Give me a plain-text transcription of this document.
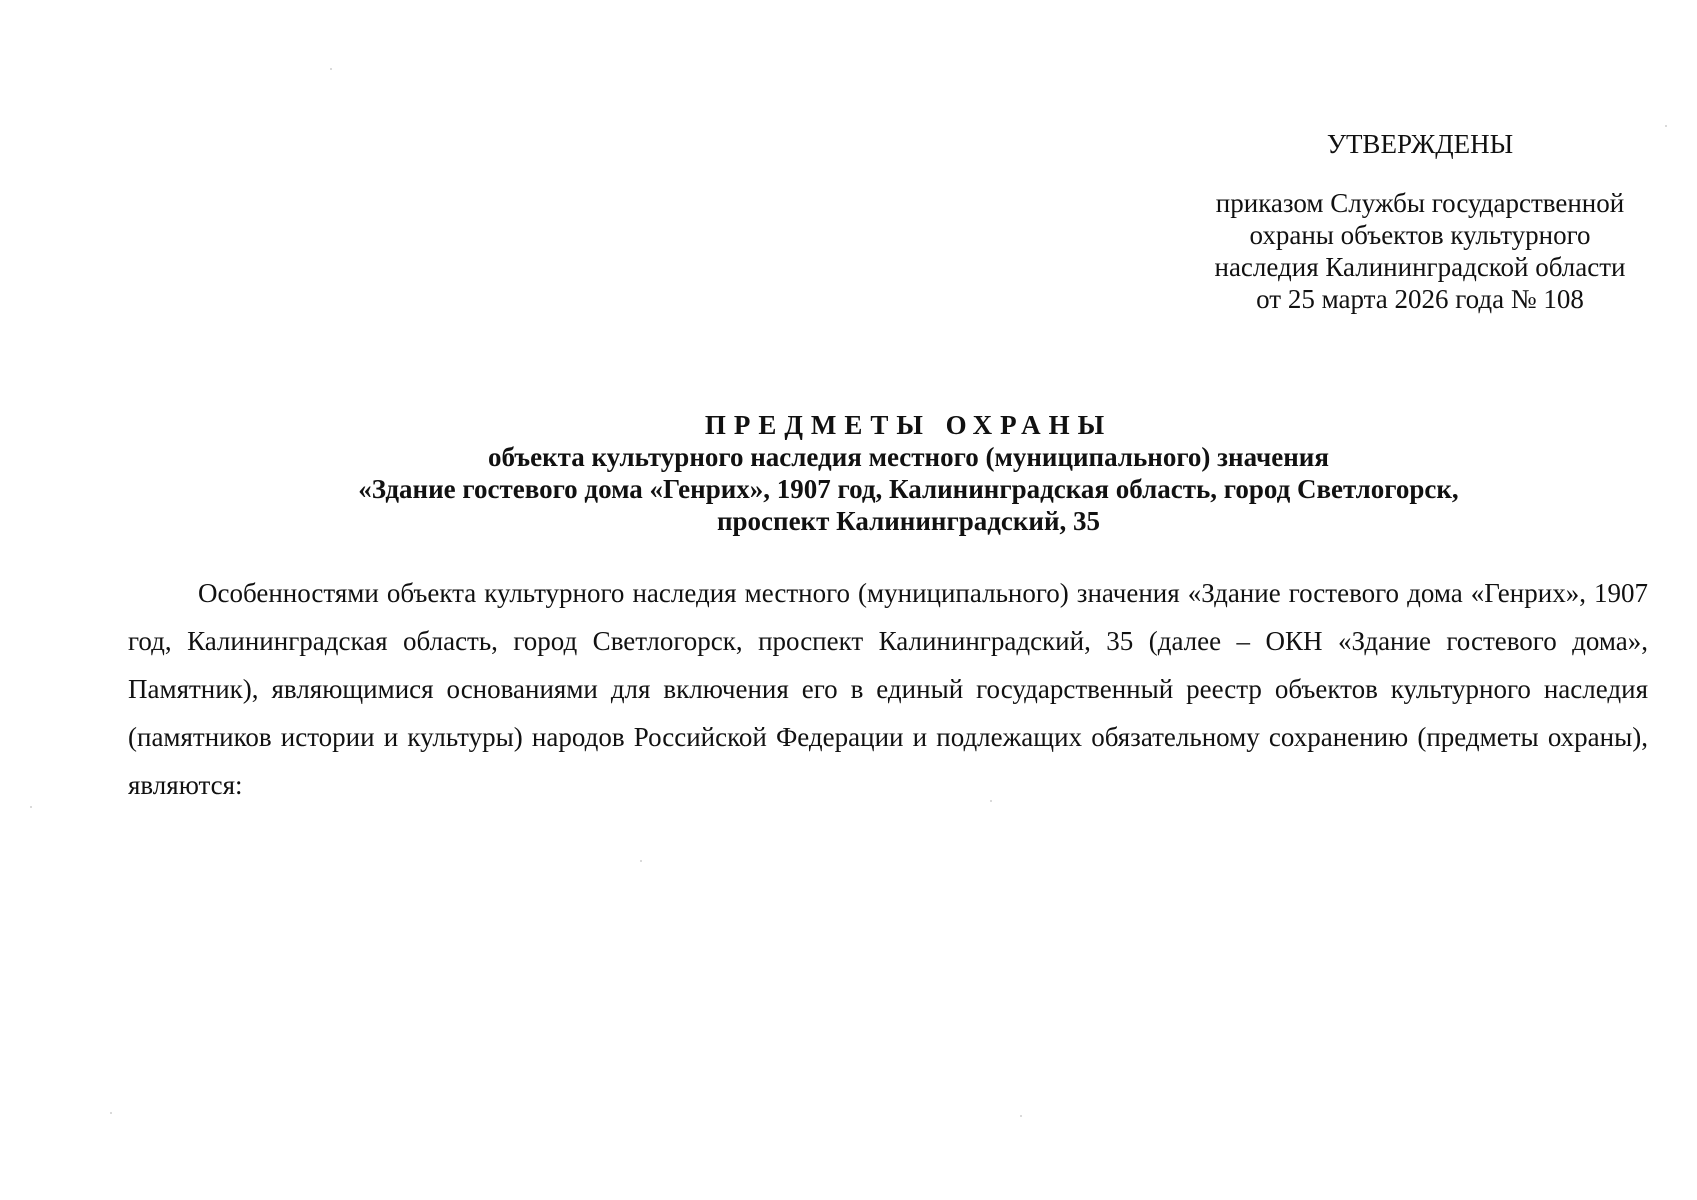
УТВЕРЖДЕНЫ
приказом Службы государственной
охраны объектов культурного
наследия Калининградской области
от 25 марта 2026 года № 108
ПРЕДМЕТЫ ОХРАНЫ
объекта культурного наследия местного (муниципального) значения
«Здание гостевого дома «Генрих», 1907 год, Калининградская область, город Светлогорск,
проспект Калининградский, 35

Особенностями объекта культурного наследия местного (муниципального) значения «Здание гостевого дома «Генрих», 1907 год, Калининградская область, город Светлогорск, проспект Калининградский, 35 (далее – ОКН «Здание гостевого дома», Памятник), являющимися основаниями для включения его в единый государственный реестр объектов культурного наследия (памятников истории и культуры) народов Российской Федерации и подлежащих обязательному сохранению (предметы охраны), являются:
